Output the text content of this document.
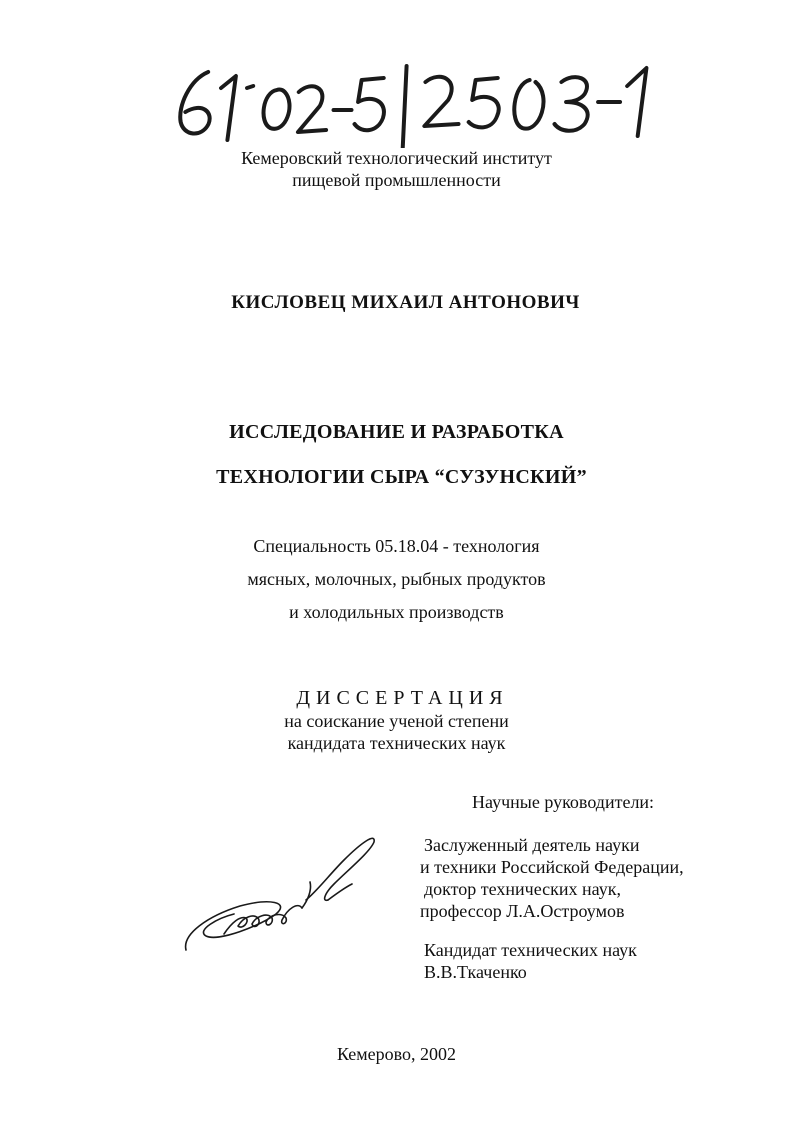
Кемеровский технологический институт
пищевой промышленности
КИСЛОВЕЦ МИХАИЛ АНТОНОВИЧ
ИССЛЕДОВАНИЕ И РАЗРАБОТКА
ТЕХНОЛОГИИ СЫРА “СУЗУНСКИЙ”
Специальность 05.18.04 - технология
мясных, молочных, рыбных продуктов
и холодильных производств
ДИССЕРТАЦИЯ
на соискание ученой степени
кандидата технических наук
Научные руководители:
Заслуженный деятель науки
и техники Российской Федерации,
доктор технических наук,
профессор Л.А.Остроумов
Кандидат технических наук
В.В.Ткаченко
Кемерово, 2002
